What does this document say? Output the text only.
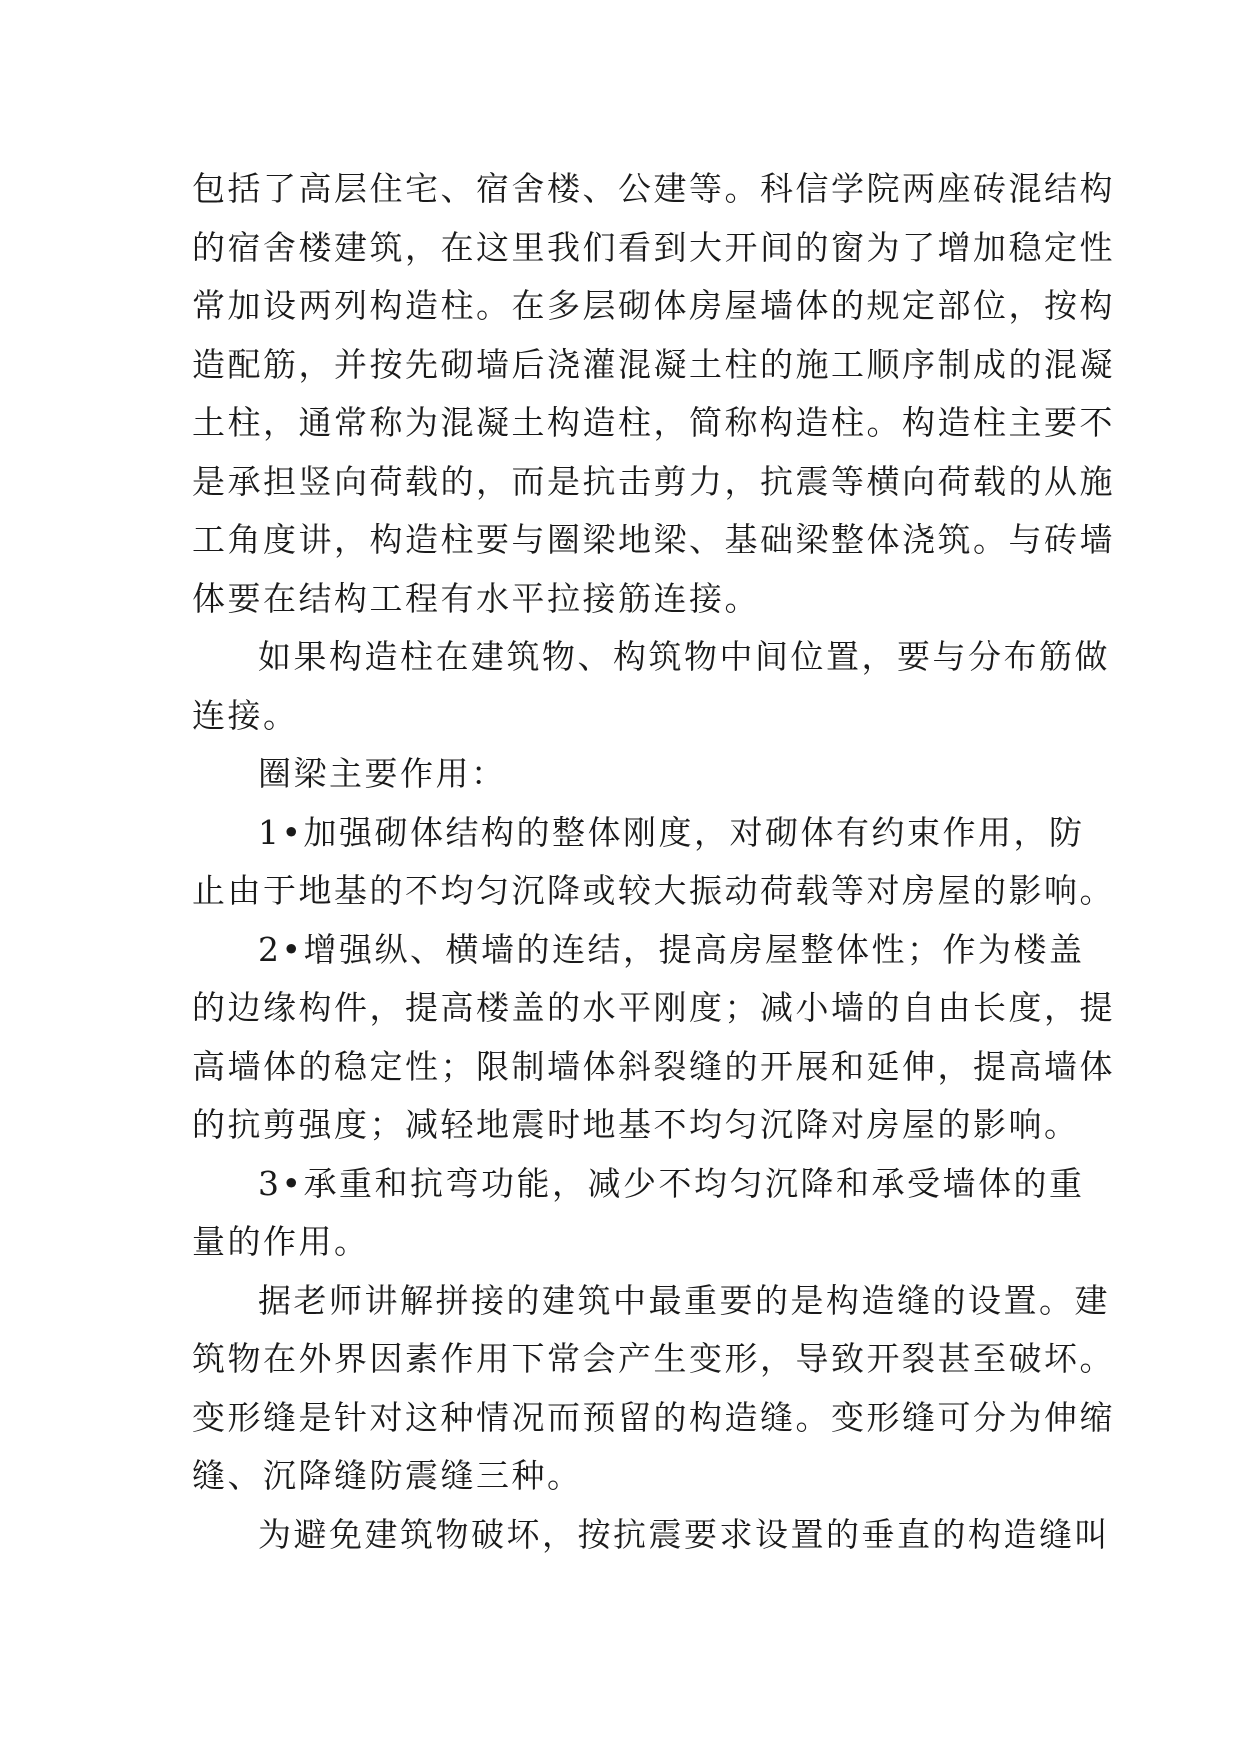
包括了高层住宅、宿舍楼、公建等。科信学院两座砖混结构
的宿舍楼建筑，在这里我们看到大开间的窗为了增加稳定性
常加设两列构造柱。在多层砌体房屋墙体的规定部位，按构
造配筋，并按先砌墙后浇灌混凝土柱的施工顺序制成的混凝
土柱，通常称为混凝土构造柱，简称构造柱。构造柱主要不
是承担竖向荷载的，而是抗击剪力，抗震等横向荷载的从施
工角度讲，构造柱要与圈梁地梁、基础梁整体浇筑。与砖墙
体要在结构工程有水平拉接筋连接。
如果构造柱在建筑物、构筑物中间位置，要与分布筋做
连接。
圈梁主要作用：
1•加强砌体结构的整体刚度，对砌体有约束作用，防
止由于地基的不均匀沉降或较大振动荷载等对房屋的影响。
2•增强纵、横墙的连结，提高房屋整体性；作为楼盖
的边缘构件，提高楼盖的水平刚度；减小墙的自由长度，提
高墙体的稳定性；限制墙体斜裂缝的开展和延伸，提高墙体
的抗剪强度；减轻地震时地基不均匀沉降对房屋的影响。
3•承重和抗弯功能，减少不均匀沉降和承受墙体的重
量的作用。
据老师讲解拼接的建筑中最重要的是构造缝的设置。建
筑物在外界因素作用下常会产生变形，导致开裂甚至破坏。
变形缝是针对这种情况而预留的构造缝。变形缝可分为伸缩
缝、沉降缝防震缝三种。
为避免建筑物破坏，按抗震要求设置的垂直的构造缝叫
